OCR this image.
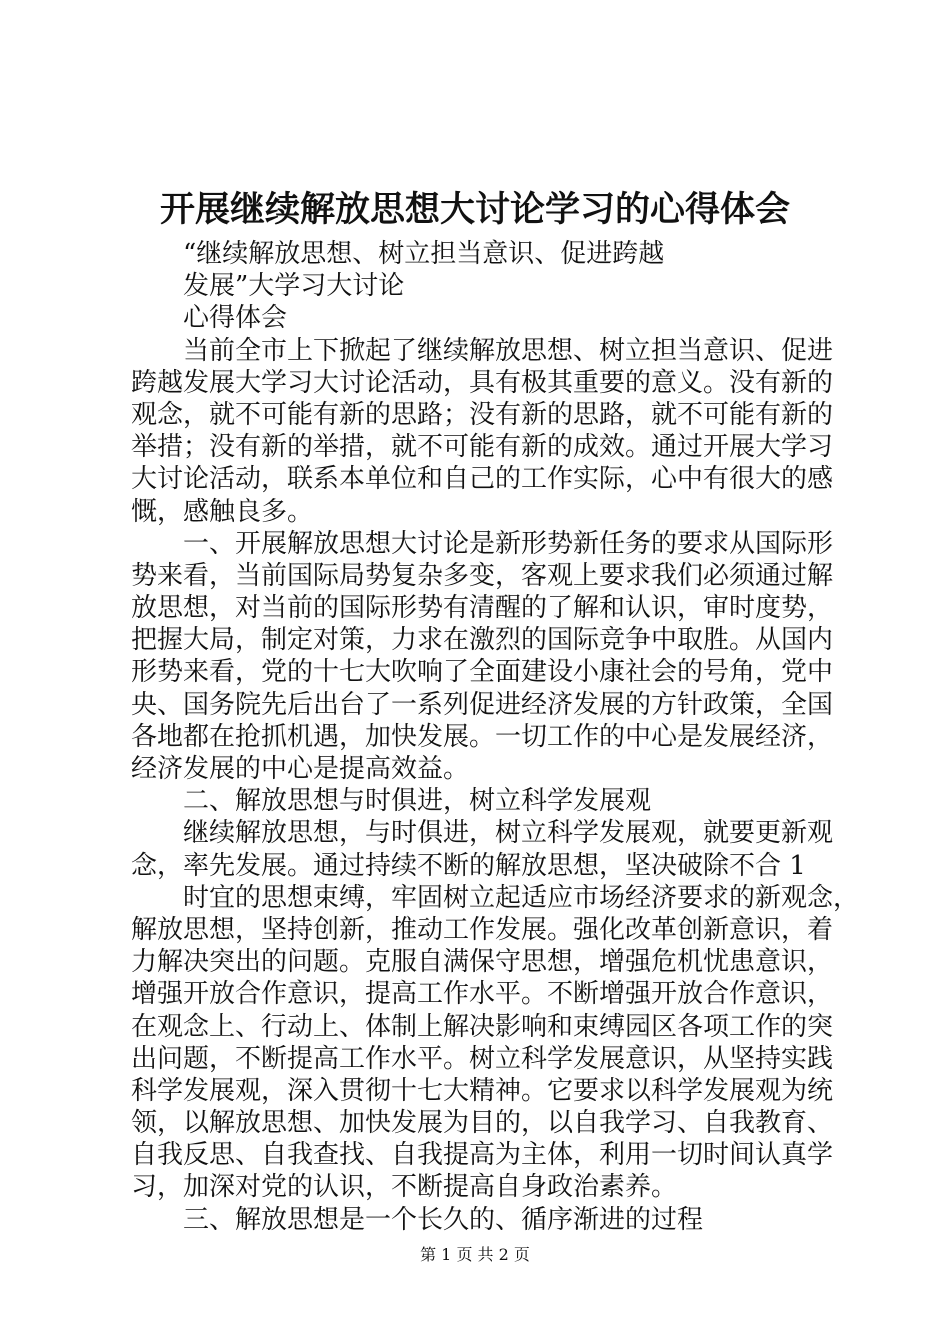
开展继续解放思想大讨论学习的心得体会
“继续解放思想、树立担当意识、促进跨越
发展”大学习大讨论
心得体会
当前全市上下掀起了继续解放思想、树立担当意识、促进
跨越发展大学习大讨论活动，具有极其重要的意义。没有新的
观念，就不可能有新的思路；没有新的思路，就不可能有新的
举措；没有新的举措，就不可能有新的成效。通过开展大学习
大讨论活动，联系本单位和自己的工作实际，心中有很大的感
慨，感触良多。
一、开展解放思想大讨论是新形势新任务的要求从国际形
势来看，当前国际局势复杂多变，客观上要求我们必须通过解
放思想，对当前的国际形势有清醒的了解和认识，审时度势，
把握大局，制定对策，力求在激烈的国际竞争中取胜。从国内
形势来看，党的十七大吹响了全面建设小康社会的号角，党中
央、国务院先后出台了一系列促进经济发展的方针政策，全国
各地都在抢抓机遇，加快发展。一切工作的中心是发展经济，
经济发展的中心是提高效益。
二、解放思想与时俱进，树立科学发展观
继续解放思想，与时俱进，树立科学发展观，就要更新观
念，率先发展。通过持续不断的解放思想，坚决破除不合 1
时宜的思想束缚，牢固树立起适应市场经济要求的新观念，
解放思想，坚持创新，推动工作发展。强化改革创新意识，着
力解决突出的问题。克服自满保守思想，增强危机忧患意识，
增强开放合作意识，提高工作水平。不断增强开放合作意识，
在观念上、行动上、体制上解决影响和束缚园区各项工作的突
出问题，不断提高工作水平。树立科学发展意识，从坚持实践
科学发展观，深入贯彻十七大精神。它要求以科学发展观为统
领，以解放思想、加快发展为目的，以自我学习、自我教育、
自我反思、自我查找、自我提高为主体，利用一切时间认真学
习，加深对党的认识，不断提高自身政治素养。
三、解放思想是一个长久的、循序渐进的过程
第 1 页 共 2 页
